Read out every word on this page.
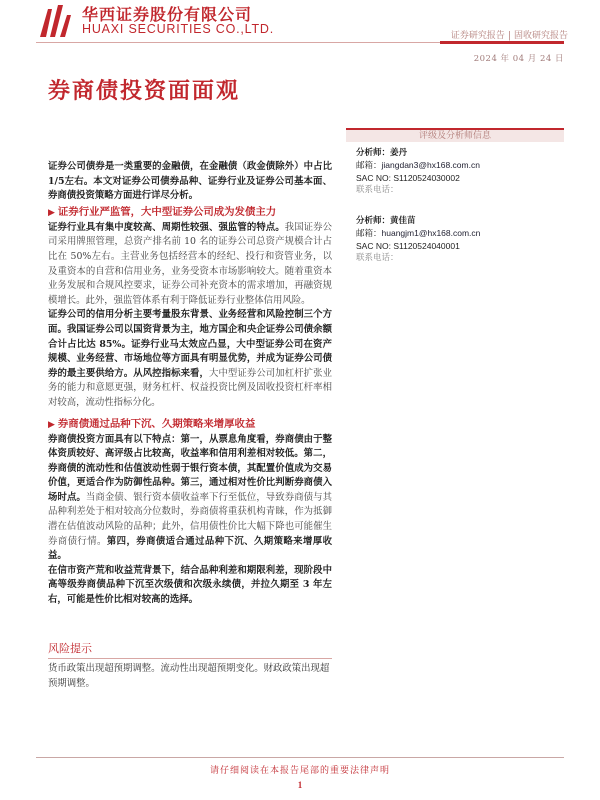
华西证券股份有限公司
HUAXI SECURITIES CO.,LTD.	证券研究报告 | 固收研究报告
2024 年 04 月 24 日
券商债投资面面观

证券公司债券是一类重要的金融债，在金融债（政金债除外）中占比1/5左右。本文对证券公司债券品种、证券行业及证券公司基本面、券商债投资策略方面进行详尽分析。

▶ 证券行业严监管，大中型证券公司成为发债主力

证券行业具有集中度较高、周期性较强、强监管的特点。我国证券公司采用牌照管理，总资产排名前 10 名的证券公司总资产规模合计占比在 50%左右。主营业务包括经营本的经纪、投行和资管业务，以及重资本的自营和信用业务，业务受资本市场影响较大。随着重资本业务发展和合规风控要求，证券公司补充资本的需求增加，再融资规模增长。此外，强监管体系有利于降低证券行业整体信用风险。

证券公司的信用分析主要考量股东背景、业务经营和风险控制三个方面。我国证券公司以国资背景为主，地方国企和央企证券公司债余额合计占比达 85%。证券行业马太效应凸显，大中型证券公司在资产规模、业务经营、市场地位等方面具有明显优势，并成为证券公司债券的最主要供给方。从风控指标来看，大中型证券公司加杠杆扩张业务的能力和意愿更强，财务杠杆、权益投资比例及固收投资杠杆率相对较高，流动性指标分化。

▶ 券商债通过品种下沉、久期策略来增厚收益

券商债投资方面具有以下特点：第一，从票息角度看，券商债由于整体资质较好、高评级占比较高，收益率和信用利差相对较低。第二，券商债的流动性和估值波动性弱于银行资本债，其配置价值成为交易价值，更适合作为防御性品种。第三，通过相对性价比判断券商债入场时点。当商金债、银行资本债收益率下行至低位，导致券商债与其品种利差处于相对较高分位数时，券商债将重获机构青睐，作为抵御潜在估值波动风险的品种；此外，信用债性价比大幅下降也可能催生券商债行情。第四，券商债适合通过品种下沉、久期策略来增厚收益。

在信市资产荒和收益荒背景下，结合品种利差和期限利差，现阶段中高等级券商债品种下沉至次级债和次级永续债，并拉久期至 3 年左右，可能是性价比相对较高的选择。

风险提示

货币政策出现超预期调整。流动性出现超预期变化。财政政策出现超预期调整。

评级及分析师信息
分析师：姜丹
邮箱：jiangdan3@hx168.com.cn
SAC NO: S1120524030002
联系电话：
分析师：黄佳苗
邮箱：huangjm1@hx168.com.cn
SAC NO: S1120524040001
联系电话：
请仔细阅读在本报告尾部的重要法律声明
1
